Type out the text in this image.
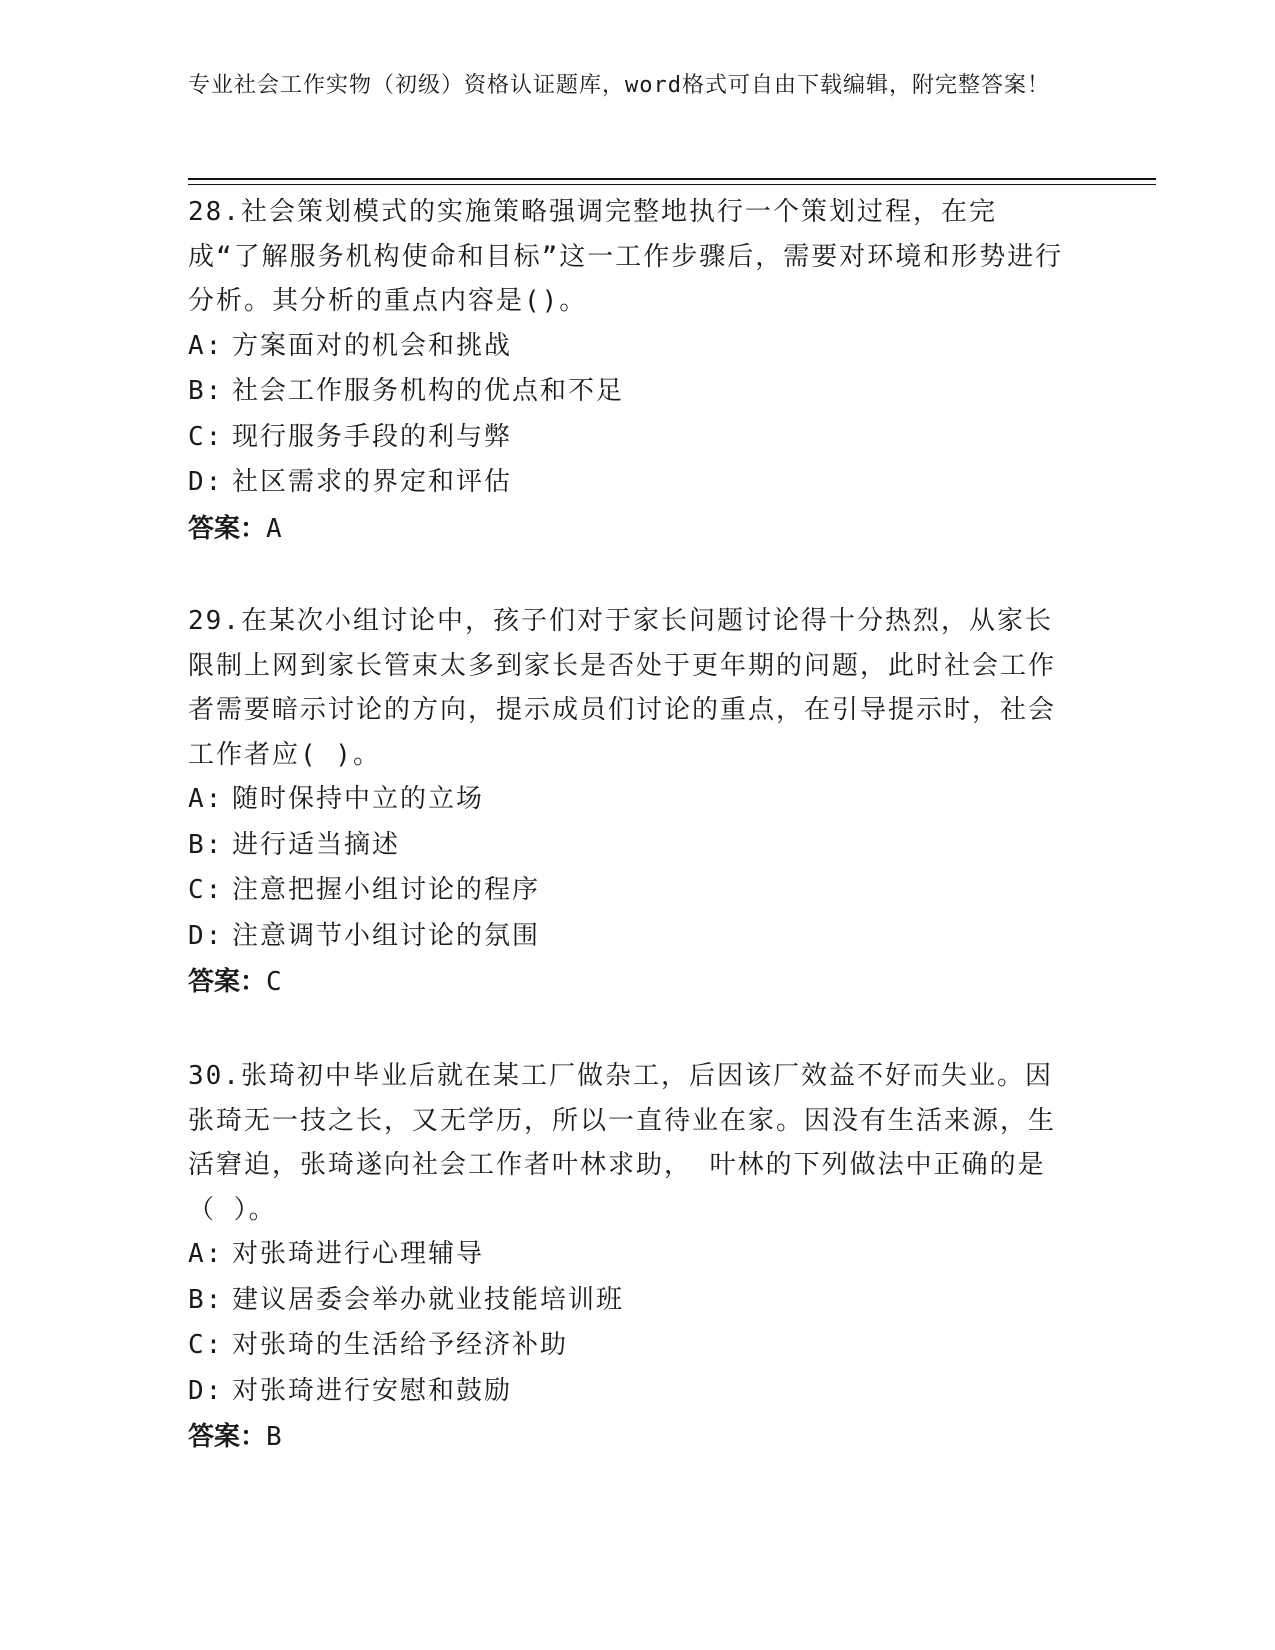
专业社会工作实物（初级）资格认证题库，word格式可自由下载编辑，附完整答案！

28.社会策划模式的实施策略强调完整地执行一个策划过程，在完成“了解服务机构使命和目标”这一工作步骤后，需要对环境和形势进行分析。其分析的重点内容是()。

A: 方案面对的机会和挑战

B: 社会工作服务机构的优点和不足

C: 现行服务手段的利与弊

D: 社区需求的界定和评估

答案：A

29.在某次小组讨论中，孩子们对于家长问题讨论得十分热烈，从家长限制上网到家长管束太多到家长是否处于更年期的问题，此时社会工作者需要暗示讨论的方向，提示成员们讨论的重点，在引导提示时，社会工作者应( )。

A: 随时保持中立的立场

B: 进行适当摘述

C: 注意把握小组讨论的程序

D: 注意调节小组讨论的氛围

答案：C

30.张琦初中毕业后就在某工厂做杂工，后因该厂效益不好而失业。因张琦无一技之长，又无学历，所以一直待业在家。因没有生活来源，生活窘迫，张琦遂向社会工作者叶林求助， 叶林的下列做法中正确的是（ ）。

A: 对张琦进行心理辅导

B: 建议居委会举办就业技能培训班

C: 对张琦的生活给予经济补助

D: 对张琦进行安慰和鼓励

答案：B
